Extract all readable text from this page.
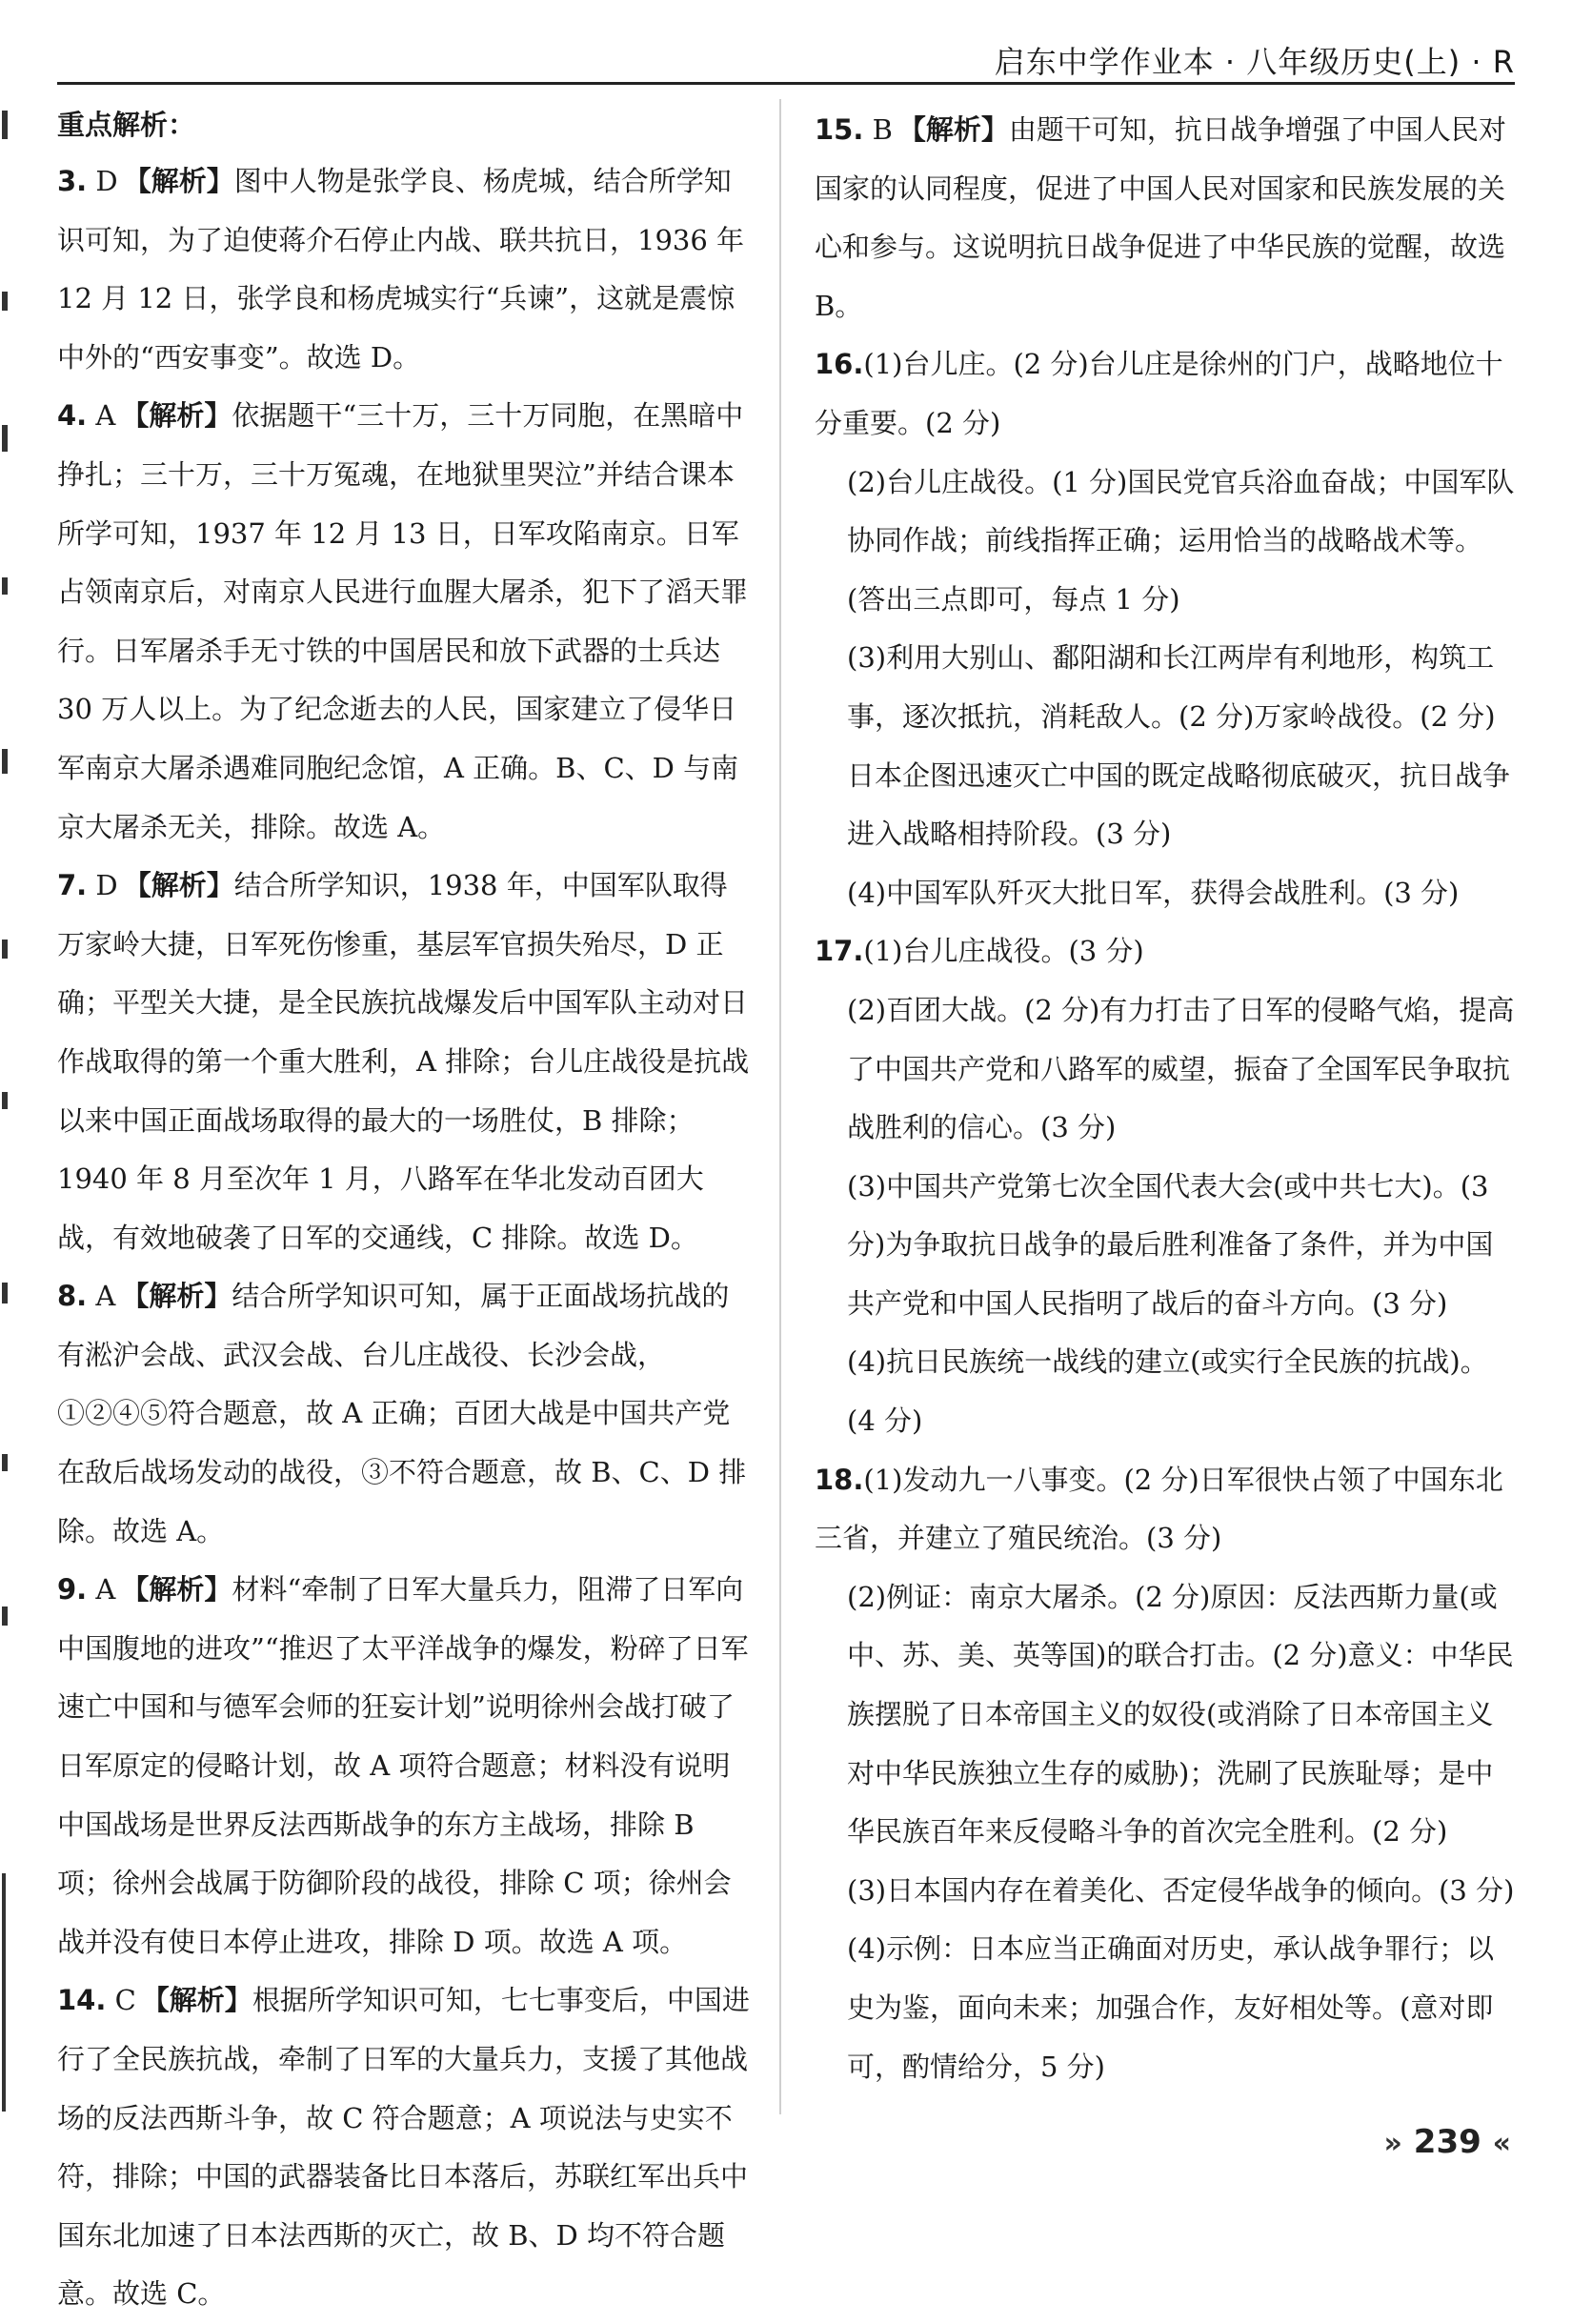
启东中学作业本 · 八年级历史(上) · R
重点解析：

3. D 【解析】图中人物是张学良、杨虎城，结合所学知识可知，为了迫使蒋介石停止内战、联共抗日，1936 年 12 月 12 日，张学良和杨虎城实行“兵谏”，这就是震惊中外的“西安事变”。故选 D。

4. A 【解析】依据题干“三十万，三十万同胞，在黑暗中挣扎；三十万，三十万冤魂，在地狱里哭泣”并结合课本所学可知，1937 年 12 月 13 日，日军攻陷南京。日军占领南京后，对南京人民进行血腥大屠杀，犯下了滔天罪行。日军屠杀手无寸铁的中国居民和放下武器的士兵达 30 万人以上。为了纪念逝去的人民，国家建立了侵华日军南京大屠杀遇难同胞纪念馆，A 正确。B、C、D 与南京大屠杀无关，排除。故选 A。

7. D 【解析】结合所学知识，1938 年，中国军队取得万家岭大捷，日军死伤惨重，基层军官损失殆尽，D 正确；平型关大捷，是全民族抗战爆发后中国军队主动对日作战取得的第一个重大胜利，A 排除；台儿庄战役是抗战以来中国正面战场取得的最大的一场胜仗，B 排除；1940 年 8 月至次年 1 月，八路军在华北发动百团大战，有效地破袭了日军的交通线，C 排除。故选 D。

8. A 【解析】结合所学知识可知，属于正面战场抗战的有淞沪会战、武汉会战、台儿庄战役、长沙会战，①②④⑤符合题意，故 A 正确；百团大战是中国共产党在敌后战场发动的战役，③不符合题意，故 B、C、D 排除。故选 A。

9. A 【解析】材料“牵制了日军大量兵力，阻滞了日军向中国腹地的进攻”“推迟了太平洋战争的爆发，粉碎了日军速亡中国和与德军会师的狂妄计划”说明徐州会战打破了日军原定的侵略计划，故 A 项符合题意；材料没有说明中国战场是世界反法西斯战争的东方主战场，排除 B 项；徐州会战属于防御阶段的战役，排除 C 项；徐州会战并没有使日本停止进攻，排除 D 项。故选 A 项。

14. C 【解析】根据所学知识可知，七七事变后，中国进行了全民族抗战，牵制了日军的大量兵力，支援了其他战场的反法西斯斗争，故 C 符合题意；A 项说法与史实不符，排除；中国的武器装备比日本落后，苏联红军出兵中国东北加速了日本法西斯的灭亡，故 B、D 均不符合题意。故选 C。

15. B 【解析】由题干可知，抗日战争增强了中国人民对国家的认同程度，促进了中国人民对国家和民族发展的关心和参与。这说明抗日战争促进了中华民族的觉醒，故选 B。

16.(1)台儿庄。(2 分)台儿庄是徐州的门户，战略地位十分重要。(2 分)

(2)台儿庄战役。(1 分)国民党官兵浴血奋战；中国军队协同作战；前线指挥正确；运用恰当的战略战术等。(答出三点即可，每点 1 分)

(3)利用大别山、鄱阳湖和长江两岸有利地形，构筑工事，逐次抵抗，消耗敌人。(2 分)万家岭战役。(2 分)日本企图迅速灭亡中国的既定战略彻底破灭，抗日战争进入战略相持阶段。(3 分)

(4)中国军队歼灭大批日军，获得会战胜利。(3 分)

17.(1)台儿庄战役。(3 分)

(2)百团大战。(2 分)有力打击了日军的侵略气焰，提高了中国共产党和八路军的威望，振奋了全国军民争取抗战胜利的信心。(3 分)

(3)中国共产党第七次全国代表大会(或中共七大)。(3 分)为争取抗日战争的最后胜利准备了条件，并为中国共产党和中国人民指明了战后的奋斗方向。(3 分)

(4)抗日民族统一战线的建立(或实行全民族的抗战)。(4 分)

18.(1)发动九一八事变。(2 分)日军很快占领了中国东北三省，并建立了殖民统治。(3 分)

(2)例证：南京大屠杀。(2 分)原因：反法西斯力量(或中、苏、美、英等国)的联合打击。(2 分)意义：中华民族摆脱了日本帝国主义的奴役(或消除了日本帝国主义对中华民族独立生存的威胁)；洗刷了民族耻辱；是中华民族百年来反侵略斗争的首次完全胜利。(2 分)

(3)日本国内存在着美化、否定侵华战争的倾向。(3 分)

(4)示例：日本应当正确面对历史，承认战争罪行；以史为鉴，面向未来；加强合作，友好相处等。(意对即可，酌情给分，5 分)

» 239 «
